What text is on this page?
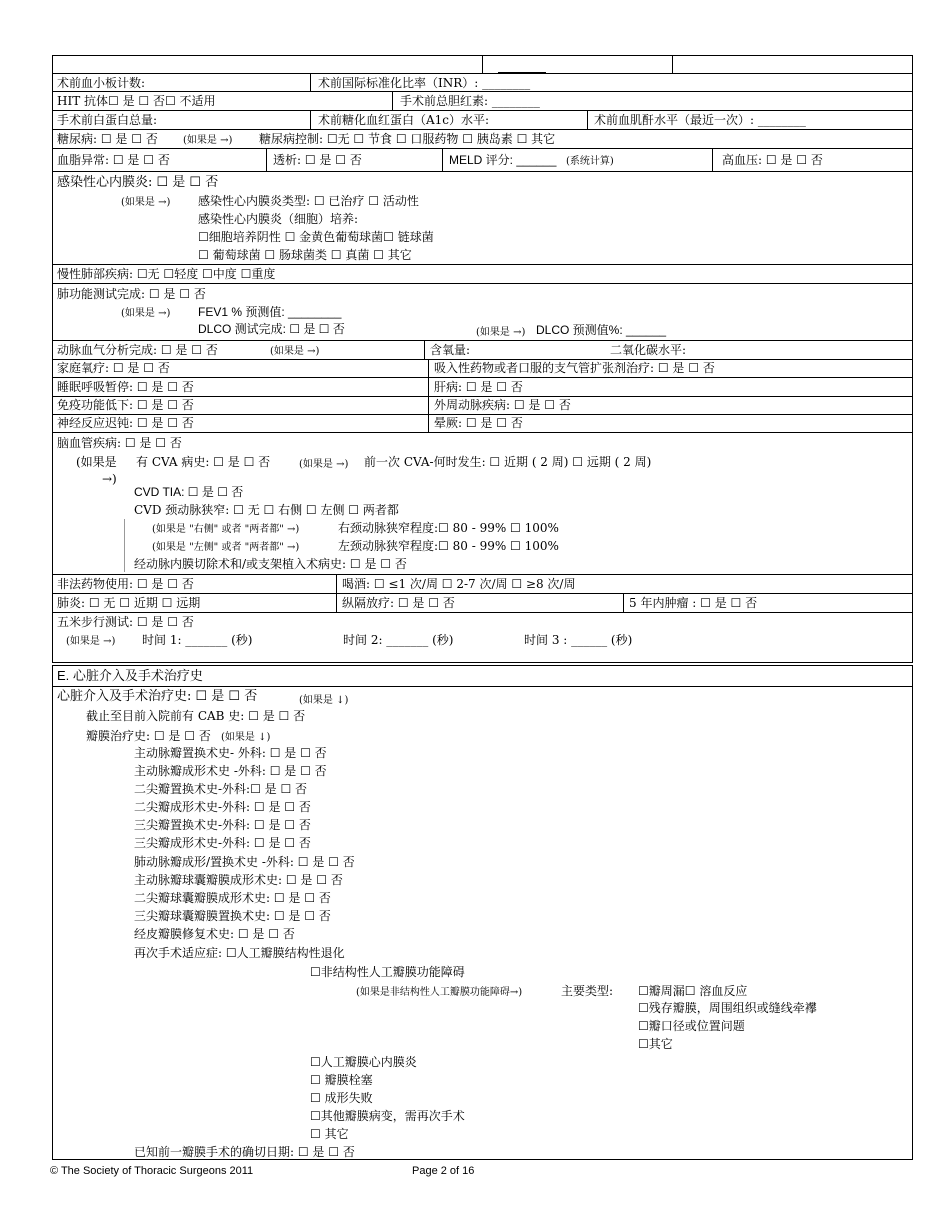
术前血小板计数:	术前国际标准化比率（INR）: ________
HIT 抗体☐ 是 ☐ 否☐ 不适用	手术前总胆红素: ________
手术前白蛋白总量:	术前糖化血红蛋白（A1c）水平:	术前血肌酐水平（最近一次）: ________
糖尿病: ☐ 是 ☐ 否	(如果是 →) 糖尿病控制: ☐无 ☐ 节食 ☐ 口服药物 ☐ 胰岛素 ☐ 其它
血脂异常: ☐ 是 ☐ 否	透析: ☐ 是 ☐ 否	MELD 评分: ______ (系统计算)	高血压: ☐ 是 ☐ 否
感染性心内膜炎: ☐ 是 ☐ 否
(如果是 →) 感染性心内膜炎类型: ☐ 已治疗 ☐ 活动性
感染性心内膜炎（细胞）培养:
☐细胞培养阴性 ☐ 金黄色葡萄球菌☐ 链球菌
☐ 葡萄球菌 ☐ 肠球菌类 ☐ 真菌 ☐ 其它
慢性肺部疾病: ☐无 ☐轻度 ☐中度 ☐重度
肺功能测试完成: ☐ 是 ☐ 否
(如果是 →) FEV1 % 预测值: ________
DLCO 测试完成: ☐ 是 ☐ 否	(如果是 →) DLCO 预测值%: ______
动脉血气分析完成: ☐ 是 ☐ 否	(如果是 →)	含氧量:	二氧化碳水平:
家庭氧疗: ☐ 是 ☐ 否	吸入性药物或者口服的支气管扩张剂治疗: ☐ 是 ☐ 否
睡眠呼吸暂停: ☐ 是 ☐ 否	肝病: ☐ 是 ☐ 否
免疫功能低下: ☐ 是 ☐ 否	外周动脉疾病: ☐ 是 ☐ 否
神经反应迟钝: ☐ 是 ☐ 否	晕厥: ☐ 是 ☐ 否
脑血管疾病: ☐ 是 ☐ 否
(如果是
→)
有 CVA 病史: ☐ 是 ☐ 否	(如果是 →) 前一次 CVA-何时发生: ☐ 近期 ( 2 周) ☐ 远期 ( 2 周)
CVD TIA: ☐ 是 ☐ 否
CVD 颈动脉狭窄: ☐ 无 ☐ 右侧 ☐ 左侧 ☐ 两者都
(如果是 "右侧" 或者 "两者都" →)	右颈动脉狭窄程度:☐ 80 - 99% ☐ 100%
(如果是 "左侧" 或者 "两者都" →)	左颈动脉狭窄程度:☐ 80 - 99% ☐ 100%
经动脉内膜切除术和/或支架植入术病史: ☐ 是 ☐ 否
非法药物使用: ☐ 是 ☐ 否	喝酒: ☐ ≤1 次/周 ☐ 2-7 次/周 ☐ ≥8 次/周
肺炎: ☐ 无 ☐ 近期 ☐ 远期	纵隔放疗: ☐ 是 ☐ 否	5 年内肿瘤 : ☐ 是 ☐ 否
五米步行测试: ☐ 是 ☐ 否
(如果是 →) 时间 1: _______ (秒)	时间 2: _______ (秒)	时间 3 : ______ (秒)
E. 心脏介入及手术治疗史
心脏介入及手术治疗史: ☐ 是 ☐ 否	(如果是 ↓)
截止至目前入院前有 CAB 史: ☐ 是 ☐ 否
瓣膜治疗史: ☐ 是 ☐ 否 (如果是 ↓)
主动脉瓣置换术史- 外科: ☐ 是 ☐ 否
主动脉瓣成形术史 -外科: ☐ 是 ☐ 否
二尖瓣置换术史-外科:☐ 是 ☐ 否
二尖瓣成形术史-外科: ☐ 是 ☐ 否
三尖瓣置换术史-外科: ☐ 是 ☐ 否
三尖瓣成形术史-外科: ☐ 是 ☐ 否
肺动脉瓣成形/置换术史 -外科: ☐ 是 ☐ 否
主动脉瓣球囊瓣膜成形术史: ☐ 是 ☐ 否
二尖瓣球囊瓣膜成形术史: ☐ 是 ☐ 否
三尖瓣球囊瓣膜置换术史: ☐ 是 ☐ 否
经皮瓣膜修复术史: ☐ 是 ☐ 否
再次手术适应症: ☐人工瓣膜结构性退化
☐非结构性人工瓣膜功能障碍
(如果是非结构性人工瓣膜功能障碍→)	主要类型: ☐瓣周漏☐ 溶血反应
☐残存瓣膜，周围组织或缝线牵襻
☐瓣口径或位置问题
☐其它
☐人工瓣膜心内膜炎
☐ 瓣膜栓塞
☐ 成形失败
☐其他瓣膜病变，需再次手术
☐ 其它
已知前一瓣膜手术的确切日期: ☐ 是 ☐ 否
© The Society of Thoracic Surgeons 2011	Page 2 of 16
